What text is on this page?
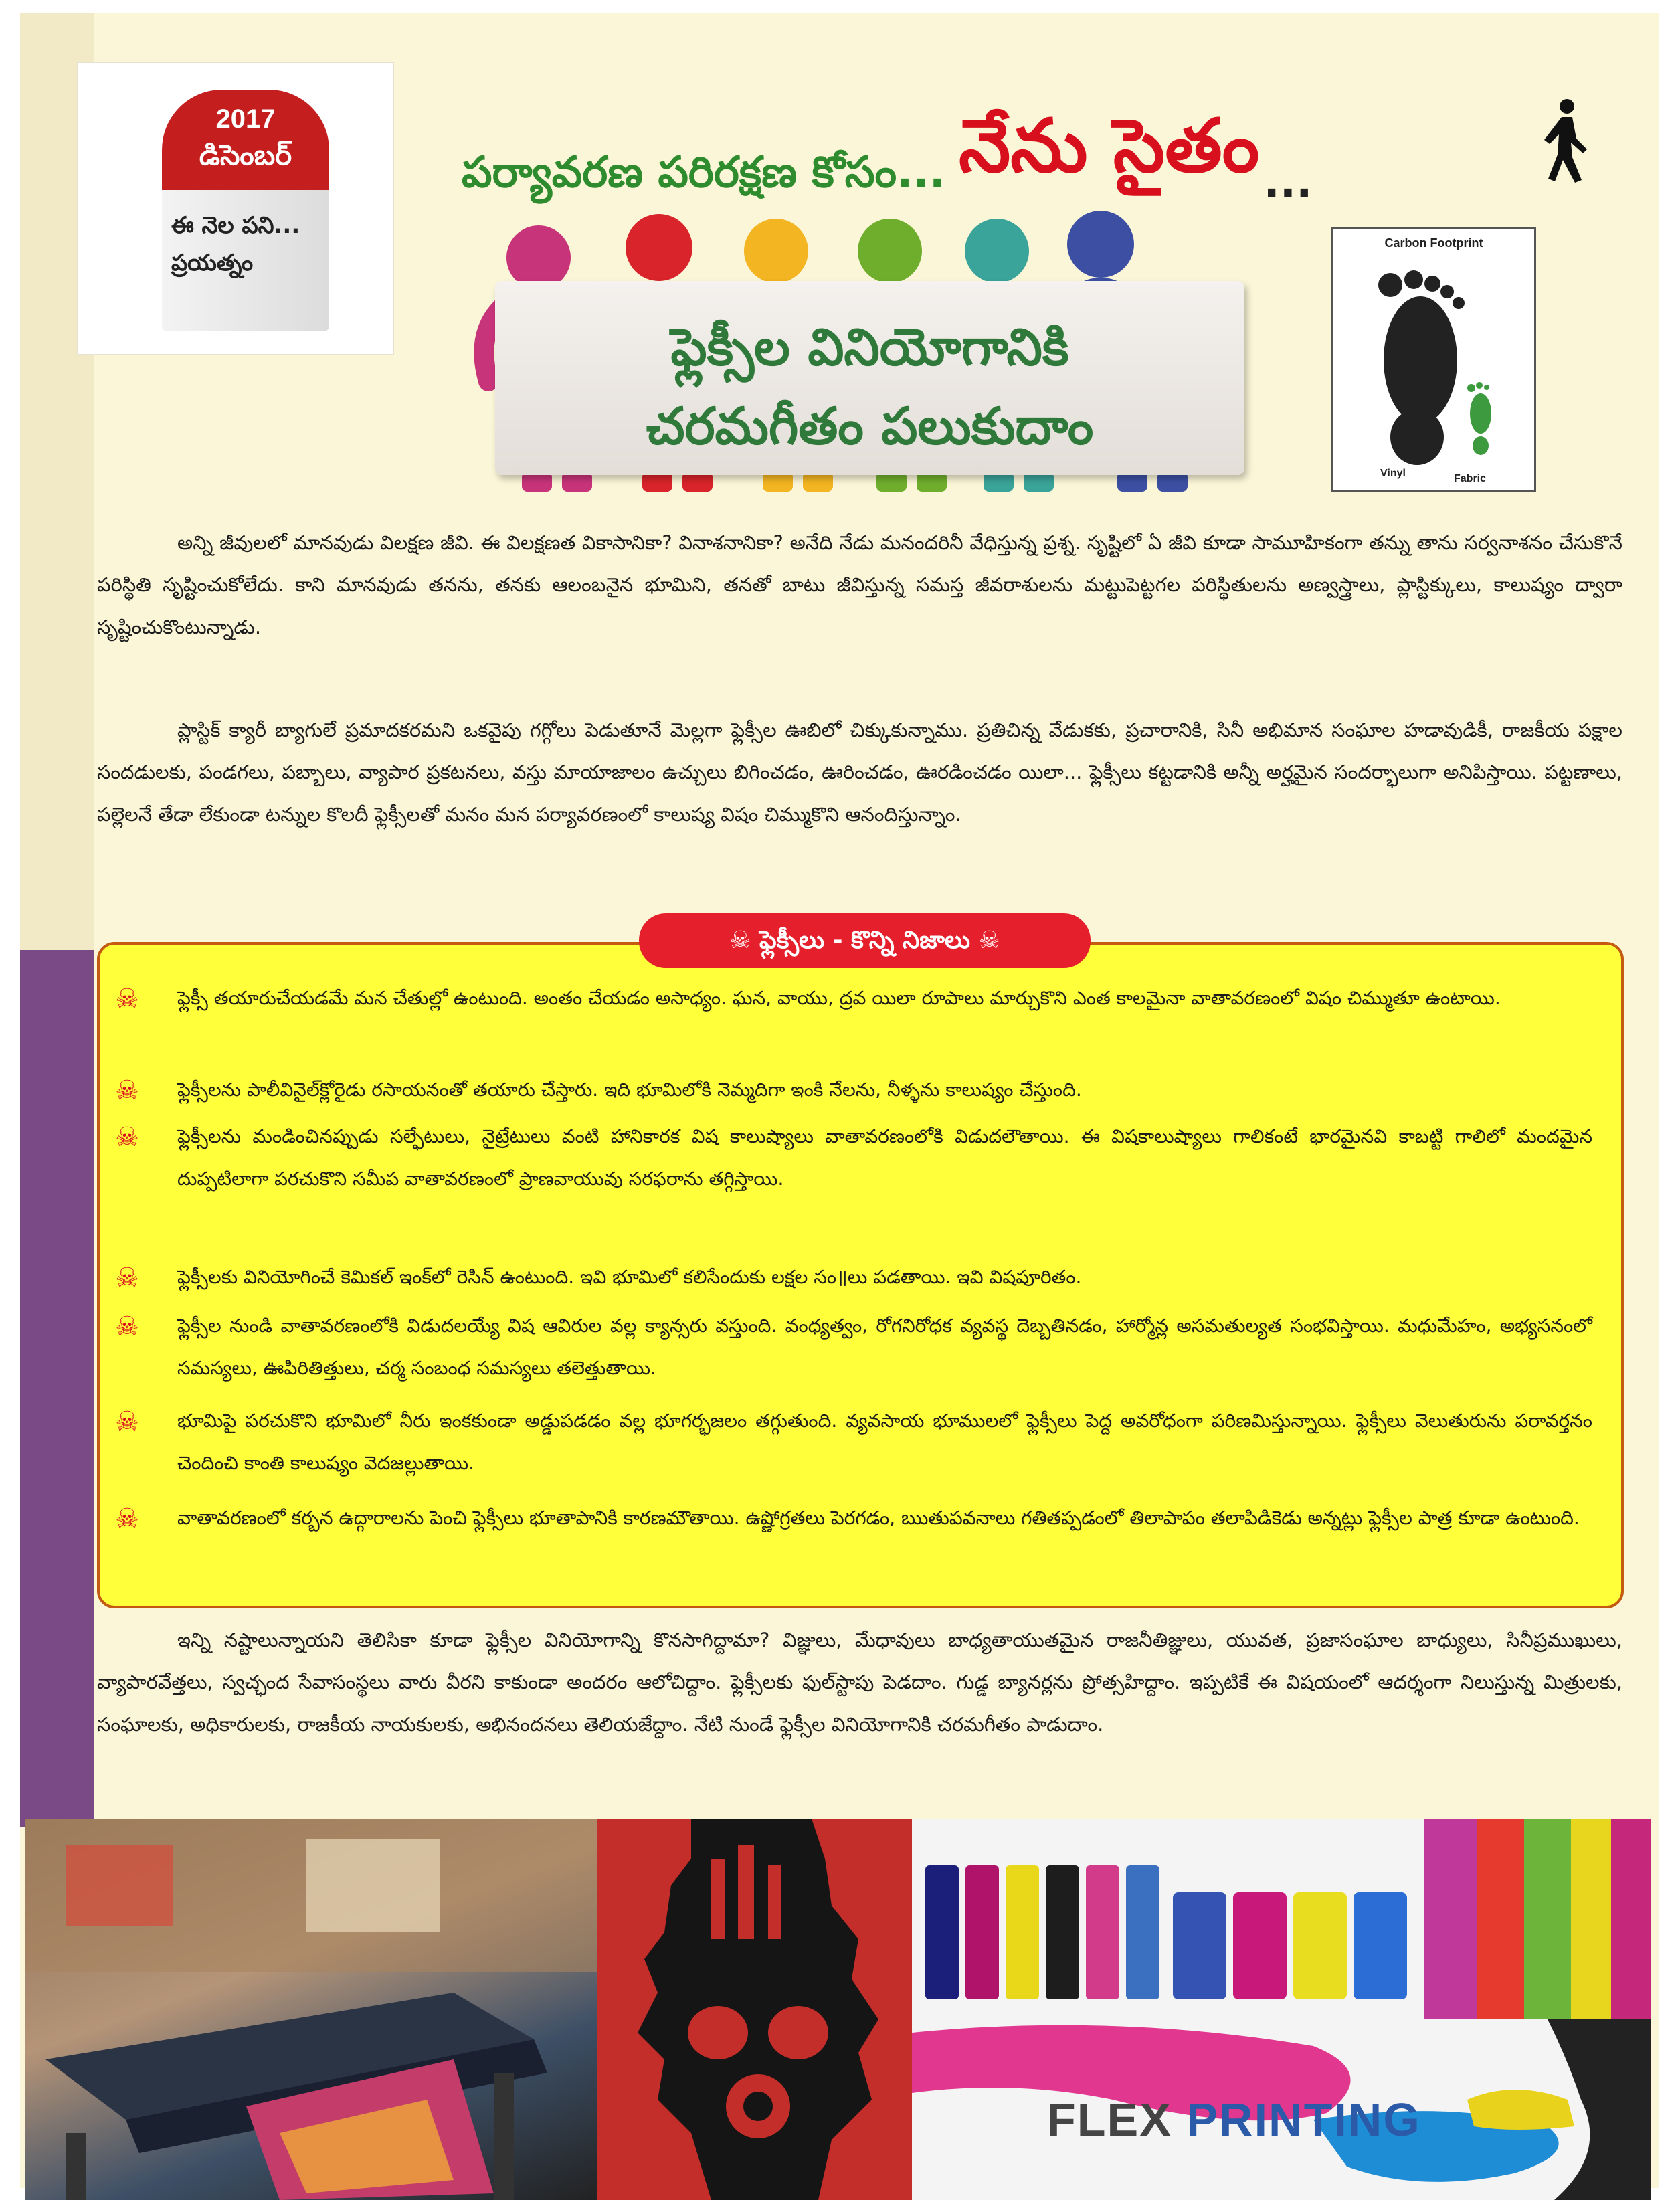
2017
డిసెంబర్
ఈ నెల పని...
ప్రయత్నం
పర్యావరణ పరిరక్షణ కోసం... నేను సైతం ...
ఫ్లెక్సీల వినియోగానికి
చరమగీతం పలుకుదాం
Carbon Footprint
Vinyl	Fabric
అన్ని జీవులలో మానవుడు విలక్షణ జీవి. ఈ విలక్షణత వికాసానికా? వినాశనానికా? అనేది నేడు మనందరినీ వేధిస్తున్న ప్రశ్న. సృష్టిలో ఏ జీవి కూడా సామూహికంగా తన్ను తాను సర్వనాశనం చేసుకొనే పరిస్థితి సృష్టించుకోలేదు. కాని మానవుడు తనను, తనకు ఆలంబనైన భూమిని, తనతో బాటు జీవిస్తున్న సమస్త జీవరాశులను మట్టుపెట్టగల పరిస్థితులను అణ్వస్త్రాలు, ప్లాస్టిక్కులు, కాలుష్యం ద్వారా సృష్టించుకొంటున్నాడు.
ప్లాస్టిక్ క్యారీ బ్యాగులే ప్రమాదకరమని ఒకవైపు గగ్గోలు పెడుతూనే మెల్లగా ఫ్లెక్సీల ఊబిలో చిక్కుకున్నాము. ప్రతిచిన్న వేడుకకు, ప్రచారానికి, సినీ అభిమాన సంఘాల హడావుడికీ, రాజకీయ పక్షాల సందడులకు, పండగలు, పబ్బాలు, వ్యాపార ప్రకటనలు, వస్తు మాయాజాలం ఉచ్చులు బిగించడం, ఊరించడం, ఊరడించడం యిలా... ఫ్లెక్సీలు కట్టడానికి అన్నీ అర్హమైన సందర్భాలుగా అనిపిస్తాయి. పట్టణాలు, పల్లెలనే తేడా లేకుండా టన్నుల కొలదీ ఫ్లెక్సీలతో మనం మన పర్యావరణంలో కాలుష్య విషం చిమ్ముకొని ఆనందిస్తున్నాం.
☠ ఫ్లెక్సీలు - కొన్ని నిజాలు ☠
☠ ఫ్లెక్సీ తయారుచేయడమే మన చేతుల్లో ఉంటుంది. అంతం చేయడం అసాధ్యం. ఘన, వాయు, ద్రవ యిలా రూపాలు మార్చుకొని ఎంత కాలమైనా వాతావరణంలో విషం చిమ్ముతూ ఉంటాయి.
☠ ఫ్లెక్సీలను పాలీవినైల్‌క్లోరైడు రసాయనంతో తయారు చేస్తారు. ఇది భూమిలోకి నెమ్మదిగా ఇంకి నేలను, నీళ్ళను కాలుష్యం చేస్తుంది.
☠ ఫ్లెక్సీలను మండించినప్పుడు సల్ఫేటులు, నైట్రేటులు వంటి హానికారక విష కాలుష్యాలు వాతావరణంలోకి విడుదలౌతాయి. ఈ విషకాలుష్యాలు గాలికంటే భారమైనవి కాబట్టి గాలిలో మందమైన దుప్పటిలాగా పరచుకొని సమీప వాతావరణంలో ప్రాణవాయువు సరఫరాను తగ్గిస్తాయి.
☠ ఫ్లెక్సీలకు వినియోగించే కెమికల్ ఇంక్‌లో రెసిన్ ఉంటుంది. ఇవి భూమిలో కలిసేందుకు లక్షల సం॥లు పడతాయి. ఇవి విషపూరితం.
☠ ఫ్లెక్సీల నుండి వాతావరణంలోకి విడుదలయ్యే విష ఆవిరుల వల్ల క్యాన్సరు వస్తుంది. వంధ్యత్వం, రోగనిరోధక వ్యవస్థ దెబ్బతినడం, హార్మోన్ల అసమతుల్యత సంభవిస్తాయి. మధుమేహం, అభ్యసనంలో సమస్యలు, ఊపిరితిత్తులు, చర్మ సంబంధ సమస్యలు తలెత్తుతాయి.
☠ భూమిపై పరచుకొని భూమిలో నీరు ఇంకకుండా అడ్డుపడడం వల్ల భూగర్భజలం తగ్గుతుంది. వ్యవసాయ భూములలో ఫ్లెక్సీలు పెద్ద అవరోధంగా పరిణమిస్తున్నాయి. ఫ్లెక్సీలు వెలుతురును పరావర్తనం చెందించి కాంతి కాలుష్యం వెదజల్లుతాయి.
☠ వాతావరణంలో కర్బన ఉద్గారాలను పెంచి ఫ్లెక్సీలు భూతాపానికి కారణమౌతాయి. ఉష్ణోగ్రతలు పెరగడం, ఋతుపవనాలు గతితప్పడంలో తిలాపాపం తలాపిడికెడు అన్నట్లు ఫ్లెక్సీల పాత్ర కూడా ఉంటుంది.
ఇన్ని నష్టాలున్నాయని తెలిసికా కూడా ఫ్లెక్సీల వినియోగాన్ని కొనసాగిద్దామా? విజ్ఞులు, మేధావులు బాధ్యతాయుతమైన రాజనీతిజ్ఞులు, యువత, ప్రజాసంఘాల బాధ్యులు, సినీప్రముఖులు, వ్యాపారవేత్తలు, స్వచ్ఛంద సేవాసంస్థలు వారు వీరని కాకుండా అందరం ఆలోచిద్దాం. ఫ్లెక్సీలకు ఫుల్‌స్టాపు పెడదాం. గుడ్డ బ్యానర్లను ప్రోత్సహిద్దాం. ఇప్పటికే ఈ విషయంలో ఆదర్శంగా నిలుస్తున్న మిత్రులకు, సంఘాలకు, అధికారులకు, రాజకీయ నాయకులకు, అభినందనలు తెలియజేద్దాం. నేటి నుండే ఫ్లెక్సీల వినియోగానికి చరమగీతం పాడుదాం.
FLEX PRINTING
